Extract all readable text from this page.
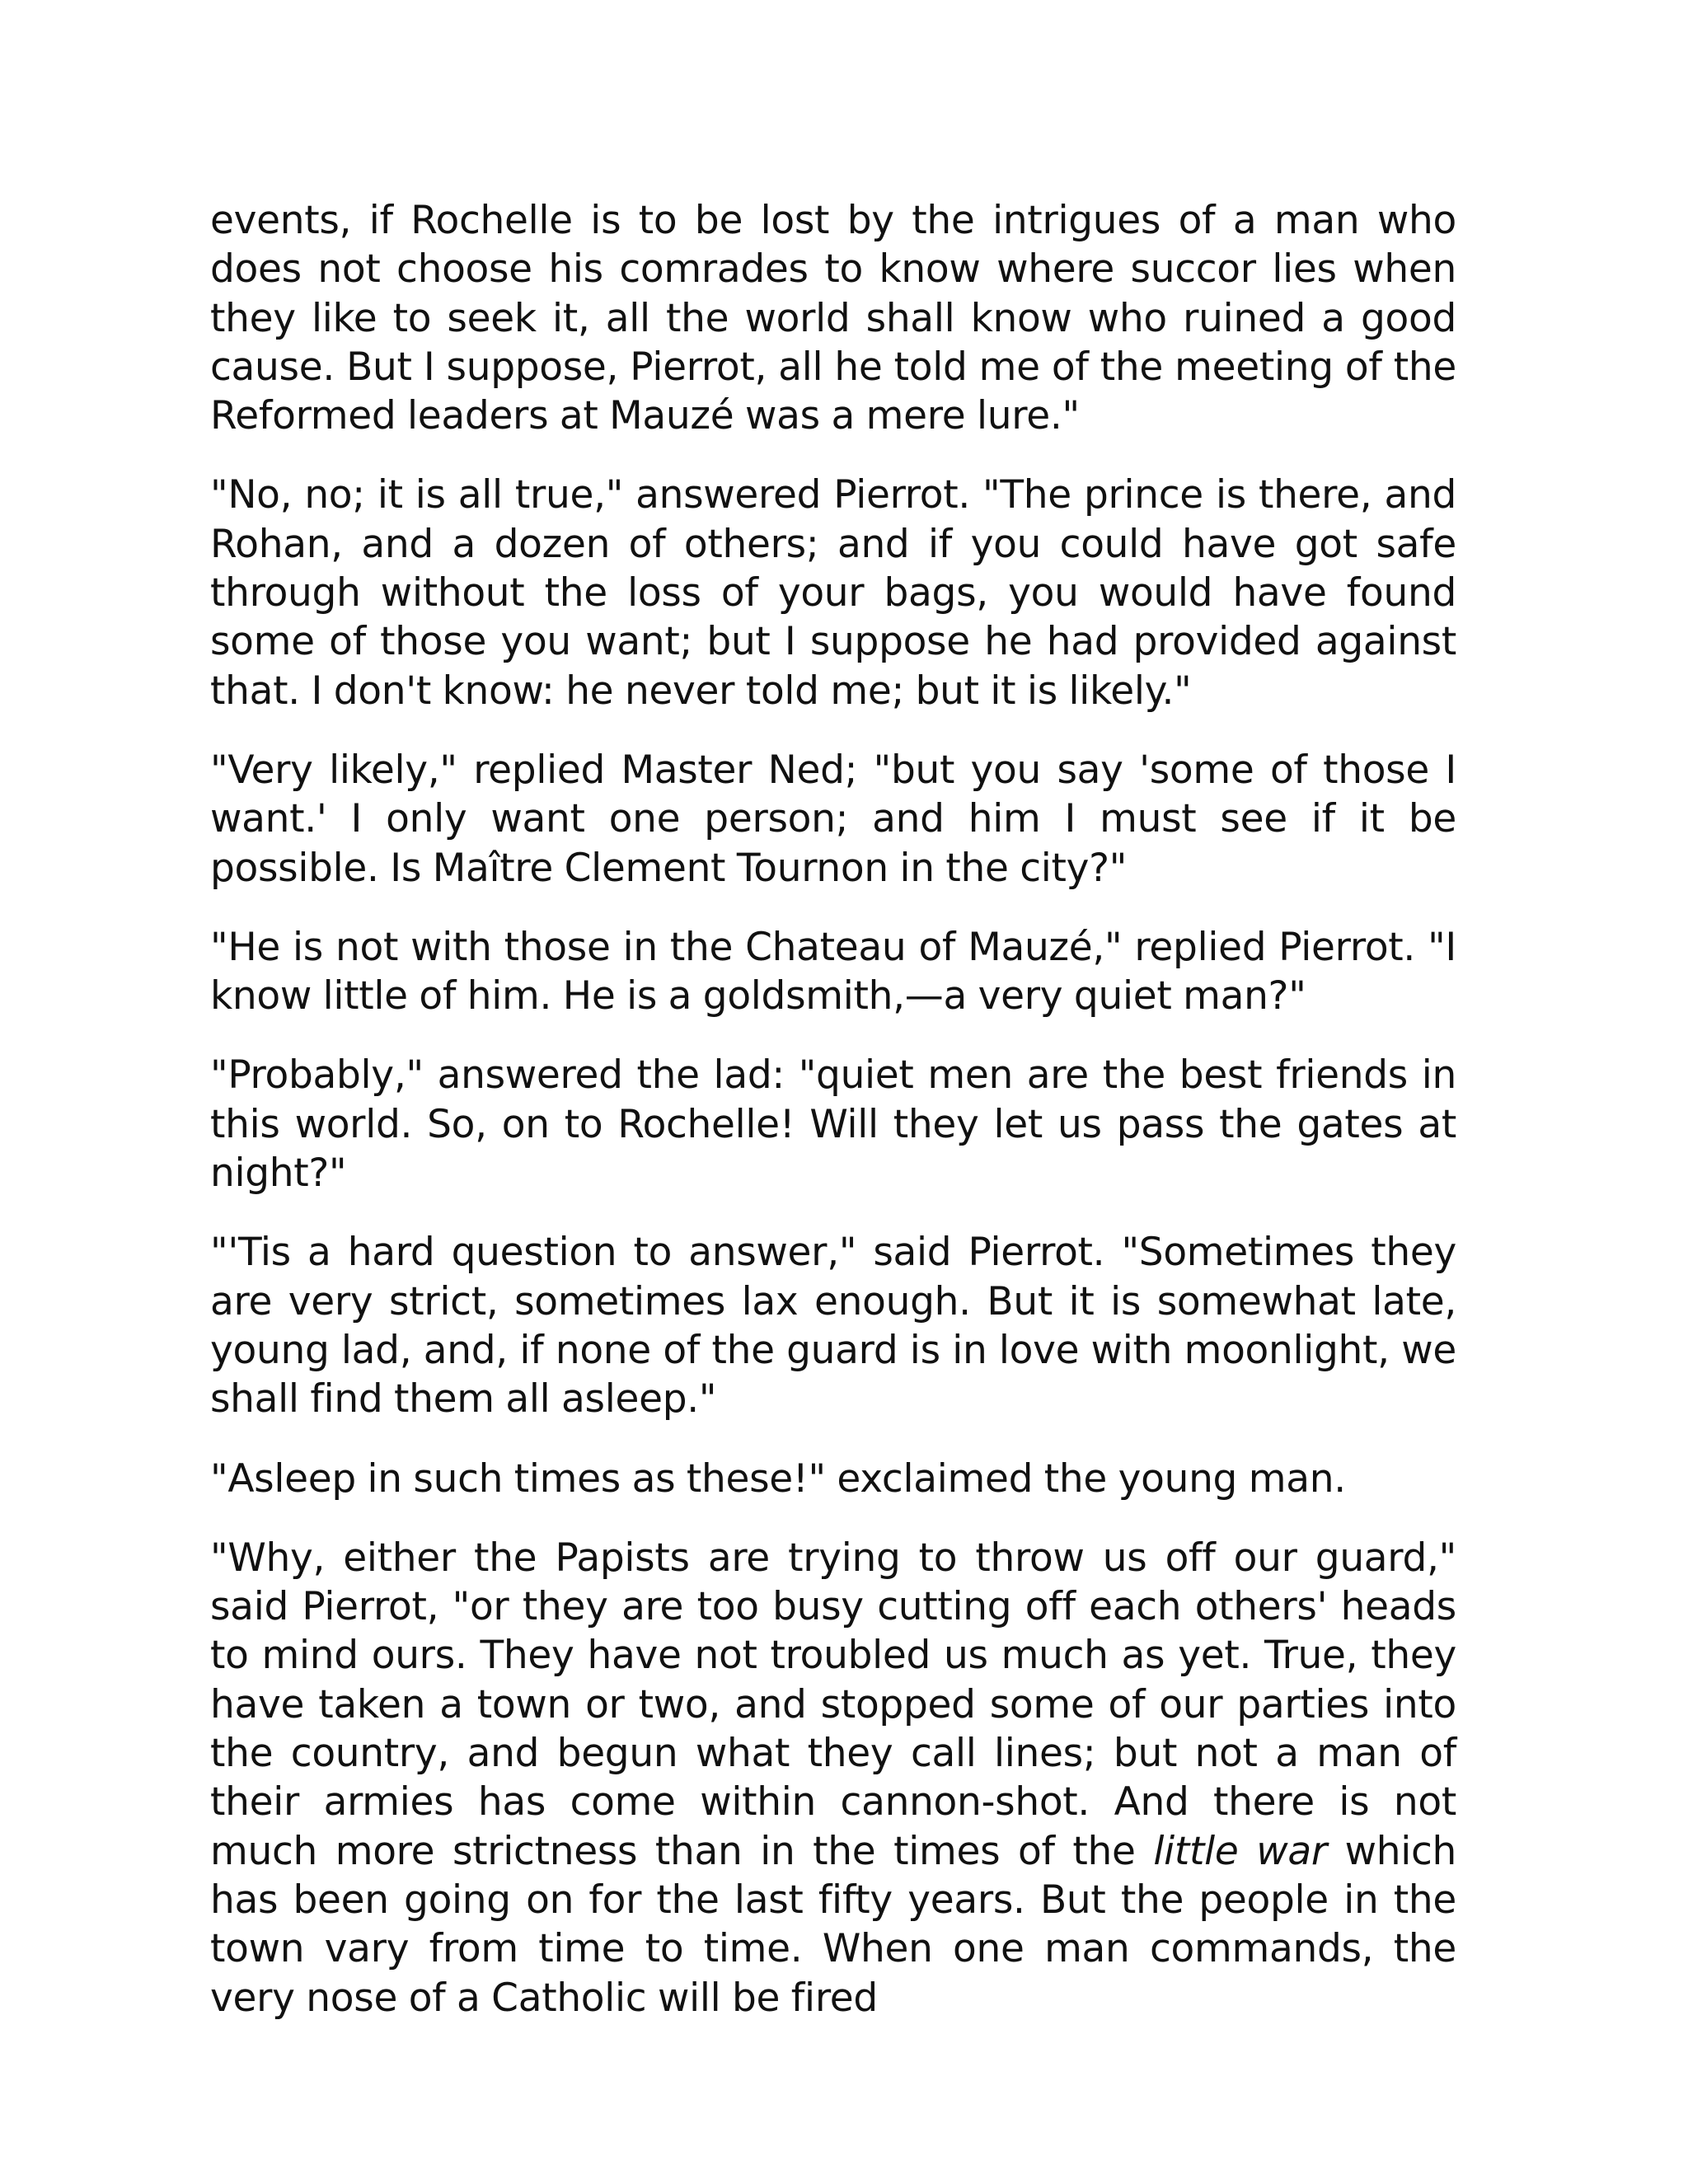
events, if Rochelle is to be lost by the intrigues of a man who does not choose his comrades to know where succor lies when they like to seek it, all the world shall know who ruined a good cause. But I suppose, Pierrot, all he told me of the meeting of the Reformed leaders at Mauzé was a mere lure."

"No, no; it is all true," answered Pierrot. "The prince is there, and Rohan, and a dozen of others; and if you could have got safe through without the loss of your bags, you would have found some of those you want; but I suppose he had provided against that. I don't know: he never told me; but it is likely."

"Very likely," replied Master Ned; "but you say 'some of those I want.' I only want one person; and him I must see if it be possible. Is Maître Clement Tournon in the city?"

"He is not with those in the Chateau of Mauzé," replied Pierrot. "I know little of him. He is a goldsmith,—a very quiet man?"

"Probably," answered the lad: "quiet men are the best friends in this world. So, on to Rochelle! Will they let us pass the gates at night?"

"'Tis a hard question to answer," said Pierrot. "Sometimes they are very strict, sometimes lax enough. But it is somewhat late, young lad, and, if none of the guard is in love with moonlight, we shall find them all asleep."

"Asleep in such times as these!" exclaimed the young man.

"Why, either the Papists are trying to throw us off our guard," said Pierrot, "or they are too busy cutting off each others' heads to mind ours. They have not troubled us much as yet. True, they have taken a town or two, and stopped some of our parties into the country, and begun what they call lines; but not a man of their armies has come within cannon-shot. And there is not much more strictness than in the times of the little war which has been going on for the last fifty years. But the people in the town vary from time to time. When one man commands, the very nose of a Catholic will be fired
